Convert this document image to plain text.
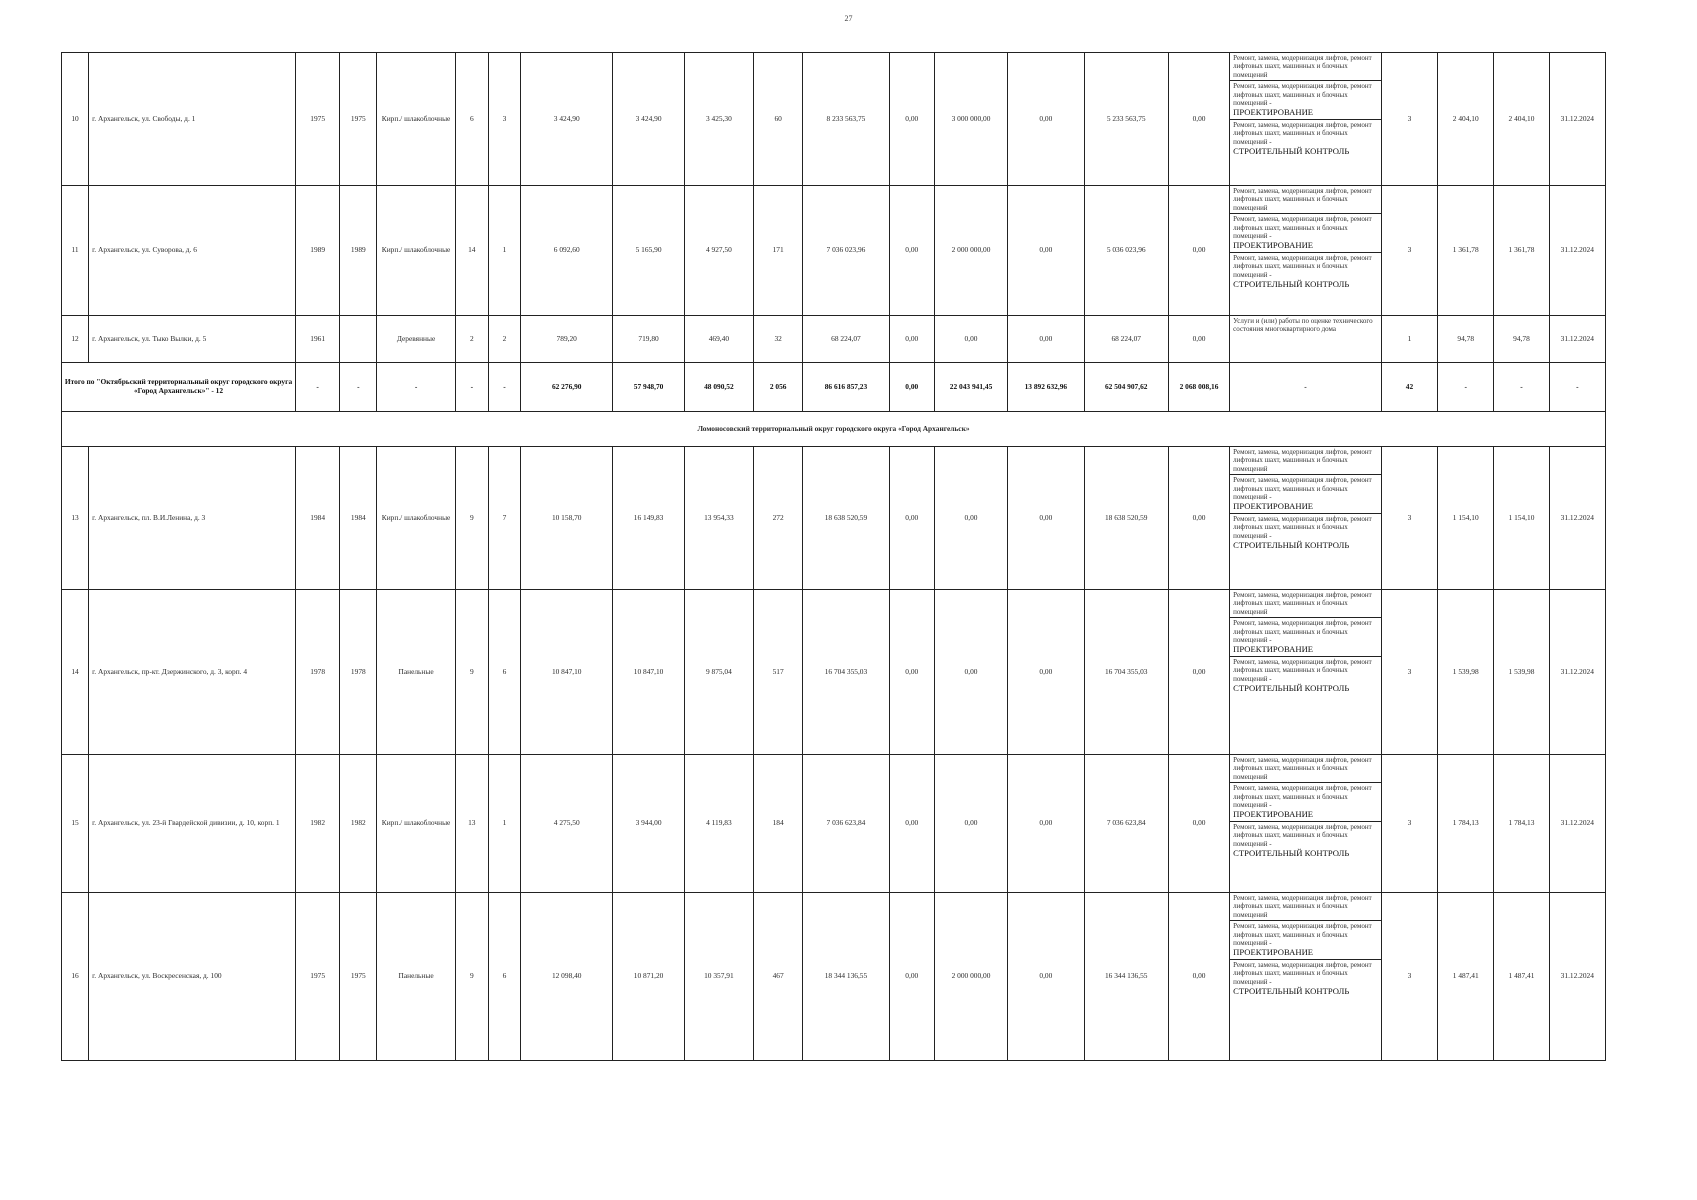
27
10	г. Архангельск, ул. Свободы, д. 1	1975	1975	Кирп./ шлакоблочные	6	3	3 424,90	3 424,90	3 425,30	60	8 233 563,75	0,00	3 000 000,00	0,00	5 233 563,75	0,00	Ремонт, замена, модернизация лифтов, ремонт лифтовых шахт, машинных и блочных помещений
Ремонт, замена, модернизация лифтов, ремонт лифтовых шахт, машинных и блочных помещений -
ПРОЕКТИРОВАНИЕ
Ремонт, замена, модернизация лифтов, ремонт лифтовых шахт, машинных и блочных помещений -
СТРОИТЕЛЬНЫЙ КОНТРОЛЬ	3	2 404,10	2 404,10	31.12.2024
11	г. Архангельск, ул. Суворова, д. 6	1989	1989	Кирп./ шлакоблочные	14	1	6 092,60	5 165,90	4 927,50	171	7 036 023,96	0,00	2 000 000,00	0,00	5 036 023,96	0,00	Ремонт, замена, модернизация лифтов, ремонт лифтовых шахт, машинных и блочных помещений
Ремонт, замена, модернизация лифтов, ремонт лифтовых шахт, машинных и блочных помещений -
ПРОЕКТИРОВАНИЕ
Ремонт, замена, модернизация лифтов, ремонт лифтовых шахт, машинных и блочных помещений -
СТРОИТЕЛЬНЫЙ КОНТРОЛЬ	3	1 361,78	1 361,78	31.12.2024
12	г. Архангельск, ул. Тыко Вылки, д. 5	1961		Деревянные	2	2	789,20	719,80	469,40	32	68 224,07	0,00	0,00	0,00	68 224,07	0,00	Услуги и (или) работы по оценке технического состояния многоквартирного дома	1	94,78	94,78	31.12.2024
Итого по "Октябрьский территориальный округ городского округа «Город Архангельск»" - 12		-	-	-	-	-	62 276,90	57 948,70	48 090,52	2 056	86 616 857,23	0,00	22 043 941,45	13 892 632,96	62 504 907,62	2 068 008,16	-	42	-	-	-
Ломоносовский территориальный округ городского округа «Город Архангельск»																					
13	г. Архангельск, пл. В.И.Ленина, д. 3	1984	1984	Кирп./ шлакоблочные	9	7	10 158,70	16 149,83	13 954,33	272	18 638 520,59	0,00	0,00	0,00	18 638 520,59	0,00	Ремонт, замена, модернизация лифтов, ремонт лифтовых шахт, машинных и блочных помещений
Ремонт, замена, модернизация лифтов, ремонт лифтовых шахт, машинных и блочных помещений -
ПРОЕКТИРОВАНИЕ
Ремонт, замена, модернизация лифтов, ремонт лифтовых шахт, машинных и блочных помещений -
СТРОИТЕЛЬНЫЙ КОНТРОЛЬ	3	1 154,10	1 154,10	31.12.2024
14	г. Архангельск, пр-кт. Дзержинского, д. 3, корп. 4	1978	1978	Панельные	9	6	10 847,10	10 847,10	9 875,04	517	16 704 355,03	0,00	0,00	0,00	16 704 355,03	0,00	Ремонт, замена, модернизация лифтов, ремонт лифтовых шахт, машинных и блочных помещений
Ремонт, замена, модернизация лифтов, ремонт лифтовых шахт, машинных и блочных помещений -
ПРОЕКТИРОВАНИЕ
Ремонт, замена, модернизация лифтов, ремонт лифтовых шахт, машинных и блочных помещений -
СТРОИТЕЛЬНЫЙ КОНТРОЛЬ	3	1 539,98	1 539,98	31.12.2024
15	г. Архангельск, ул. 23-й Гвардейской дивизии, д. 10, корп. 1	1982	1982	Кирп./ шлакоблочные	13	1	4 275,50	3 944,00	4 119,83	184	7 036 623,84	0,00	0,00	0,00	7 036 623,84	0,00	Ремонт, замена, модернизация лифтов, ремонт лифтовых шахт, машинных и блочных помещений
Ремонт, замена, модернизация лифтов, ремонт лифтовых шахт, машинных и блочных помещений -
ПРОЕКТИРОВАНИЕ
Ремонт, замена, модернизация лифтов, ремонт лифтовых шахт, машинных и блочных помещений -
СТРОИТЕЛЬНЫЙ КОНТРОЛЬ	3	1 784,13	1 784,13	31.12.2024
16	г. Архангельск, ул. Воскресенская, д. 100	1975	1975	Панельные	9	6	12 098,40	10 871,20	10 357,91	467	18 344 136,55	0,00	2 000 000,00	0,00	16 344 136,55	0,00	Ремонт, замена, модернизация лифтов, ремонт лифтовых шахт, машинных и блочных помещений
Ремонт, замена, модернизация лифтов, ремонт лифтовых шахт, машинных и блочных помещений -
ПРОЕКТИРОВАНИЕ
Ремонт, замена, модернизация лифтов, ремонт лифтовых шахт, машинных и блочных помещений -
СТРОИТЕЛЬНЫЙ КОНТРОЛЬ	3	1 487,41	1 487,41	31.12.2024
